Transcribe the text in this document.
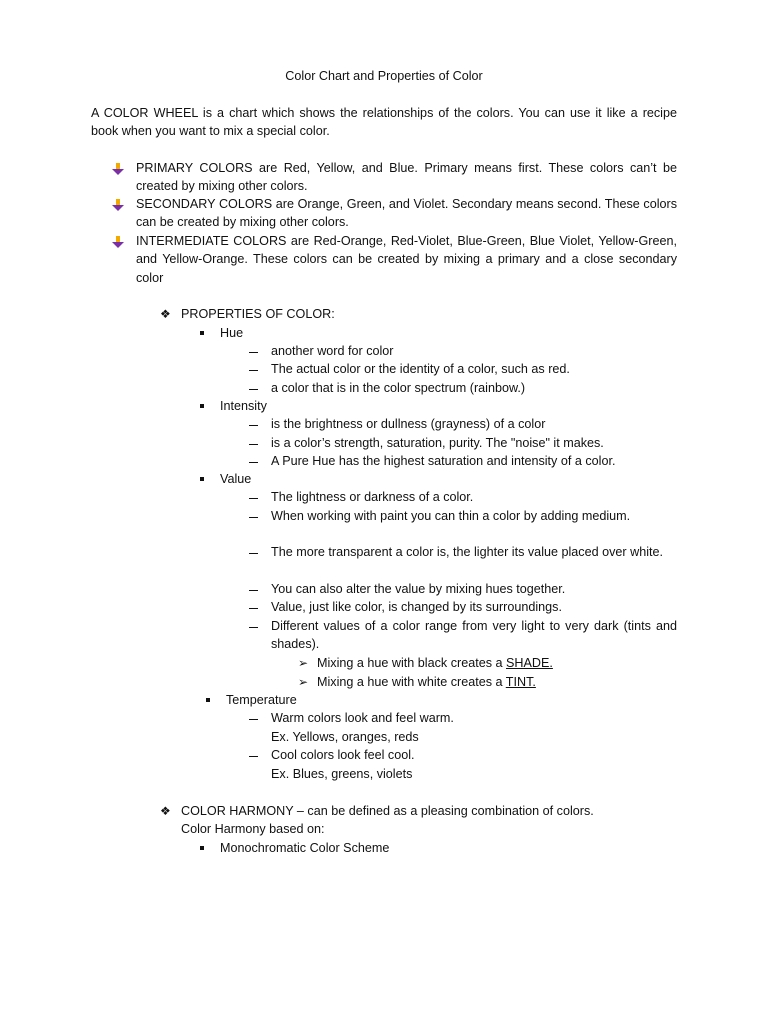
Color Chart and Properties of Color
A COLOR WHEEL is a chart which shows the relationships of the colors. You can use it like a recipe book when you want to mix a special color.
PRIMARY COLORS are Red, Yellow, and Blue. Primary means first. These colors can’t be created by mixing other colors.
SECONDARY COLORS are Orange, Green, and Violet. Secondary means second. These colors can be created by mixing other colors.
INTERMEDIATE COLORS are Red-Orange, Red-Violet, Blue-Green, Blue Violet, Yellow-Green, and Yellow-Orange. These colors can be created by mixing a primary and a close secondary color
❖ PROPERTIES OF COLOR:
Hue
another word for color
The actual color or the identity of a color, such as red.
a color that is in the color spectrum (rainbow.)
Intensity
is the brightness or dullness (grayness) of a color
is a color’s strength, saturation, purity. The "noise" it makes.
A Pure Hue has the highest saturation and intensity of a color.
Value
The lightness or darkness of a color.
When working with paint you can thin a color by adding medium.
The more transparent a color is, the lighter its value placed over white.
You can also alter the value by mixing hues together.
Value, just like color, is changed by its surroundings.
Different values of a color range from very light to very dark (tints and shades).
➢ Mixing a hue with black creates a SHADE.
➢ Mixing a hue with white creates a TINT.
Temperature
Warm colors look and feel warm.
Ex. Yellows, oranges, reds
Cool colors look feel cool.
Ex. Blues, greens, violets
❖ COLOR HARMONY – can be defined as a pleasing combination of colors.
Color Harmony based on:
Monochromatic Color Scheme
